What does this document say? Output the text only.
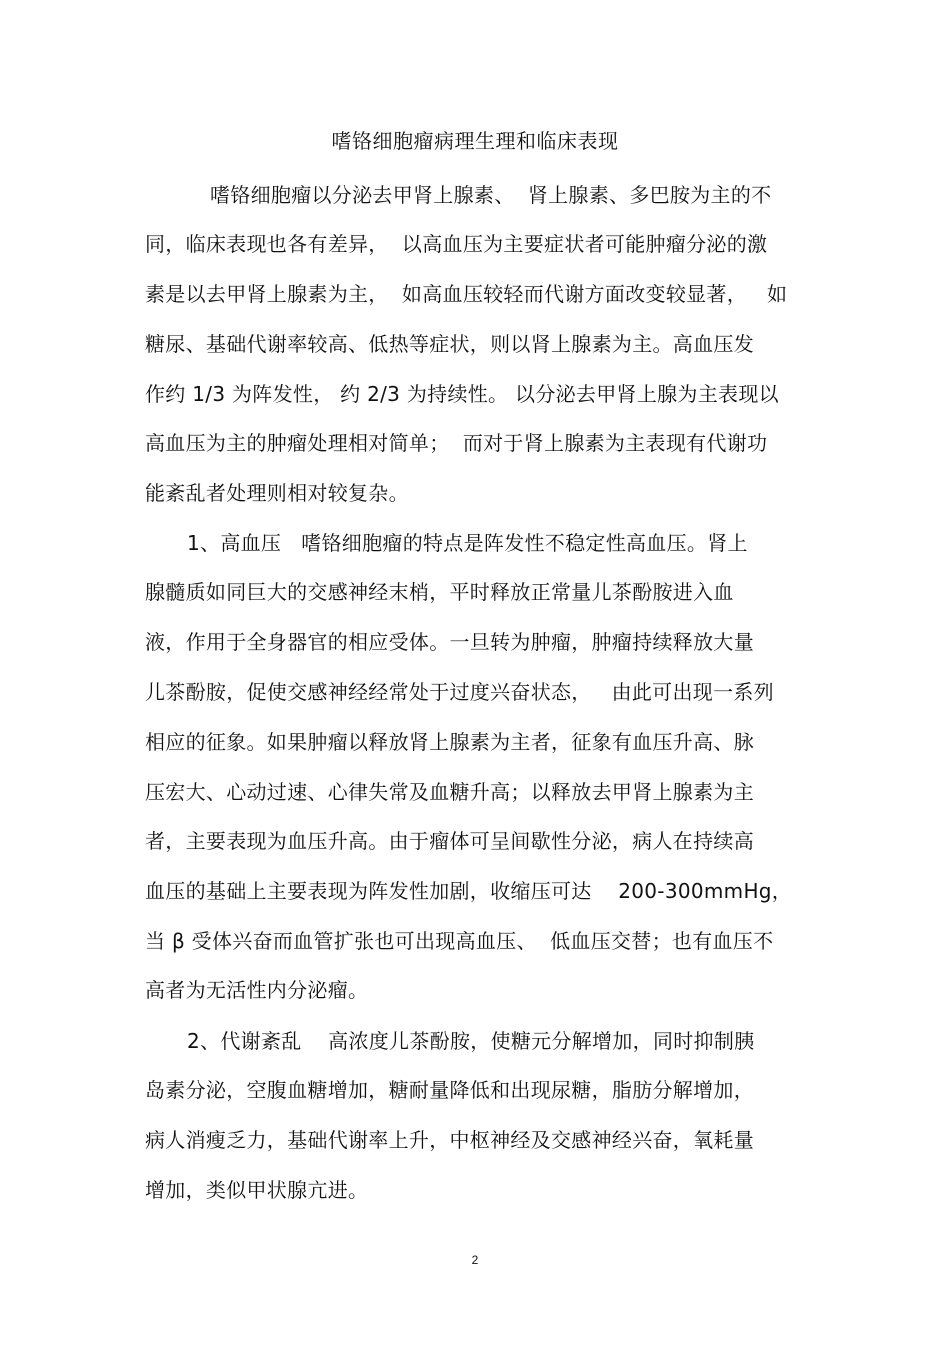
嗜铬细胞瘤病理生理和临床表现
嗜铬细胞瘤以分泌去甲肾上腺素、  肾上腺素、多巴胺为主的不
同，临床表现也各有差异，  以高血压为主要症状者可能肿瘤分泌的激
素是以去甲肾上腺素为主，  如高血压较轻而代谢方面改变较显著，   如
糖尿、基础代谢率较高、低热等症状，则以肾上腺素为主。高血压发
作约 1/3 为阵发性， 约 2/3 为持续性。 以分泌去甲肾上腺为主表现以
高血压为主的肿瘤处理相对简单；  而对于肾上腺素为主表现有代谢功
能紊乱者处理则相对较复杂。
1、高血压   嗜铬细胞瘤的特点是阵发性不稳定性高血压。肾上
腺髓质如同巨大的交感神经末梢，平时释放正常量儿茶酚胺进入血
液，作用于全身器官的相应受体。一旦转为肿瘤，肿瘤持续释放大量
儿茶酚胺，促使交感神经经常处于过度兴奋状态，   由此可出现一系列
相应的征象。如果肿瘤以释放肾上腺素为主者，征象有血压升高、脉
压宏大、心动过速、心律失常及血糖升高；以释放去甲肾上腺素为主
者，主要表现为血压升高。由于瘤体可呈间歇性分泌，病人在持续高
血压的基础上主要表现为阵发性加剧，收缩压可达    200-300mmHg，
当 β 受体兴奋而血管扩张也可出现高血压、  低血压交替；也有血压不
高者为无活性内分泌瘤。
2、代谢紊乱    高浓度儿茶酚胺，使糖元分解增加，同时抑制胰
岛素分泌，空腹血糖增加，糖耐量降低和出现尿糖，脂肪分解增加，
病人消瘦乏力，基础代谢率上升，中枢神经及交感神经兴奋，氧耗量
增加，类似甲状腺亢进。
2
